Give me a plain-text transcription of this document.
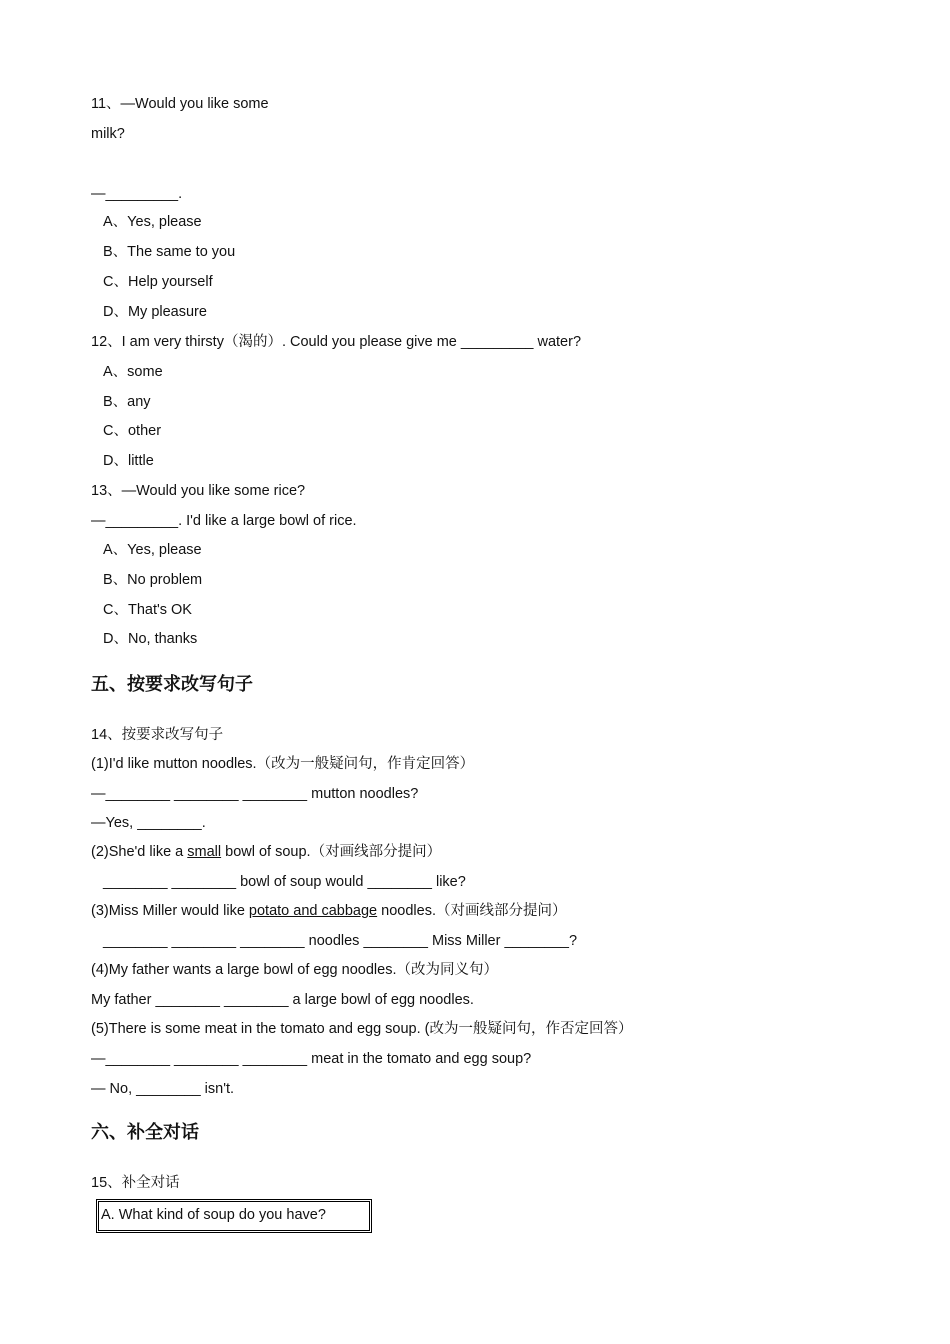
11、—Would you like some
milk?
—_________.
A、Yes, please
B、The same to you
C、Help yourself
D、My pleasure
12、I am very thirsty（渴的）. Could you please give me _________ water?
A、some
B、any
C、other
D、little
13、—Would you like some rice?
—_________. I'd like a large bowl of rice.
A、Yes, please
B、No problem
C、That's OK
D、No, thanks
五、按要求改写句子
14、按要求改写句子
(1)I'd like mutton noodles.（改为一般疑问句，作肯定回答）
—________ ________ ________ mutton noodles?
—Yes, ________.
(2)She'd like a small bowl of soup.（对画线部分提问）
________ ________ bowl of soup would ________ like?
(3)Miss Miller would like potato and cabbage noodles.（对画线部分提问）
________ ________ ________ noodles ________ Miss Miller ________?
(4)My father wants a large bowl of egg noodles.（改为同义句）
My father ________ ________ a large bowl of egg noodles.
(5)There is some meat in the tomato and egg soup. (改为一般疑问句，作否定回答）
—________ ________ ________ meat in the tomato and egg soup?
— No, ________ isn't.
六、补全对话
15、补全对话
A. What kind of soup do you have?
